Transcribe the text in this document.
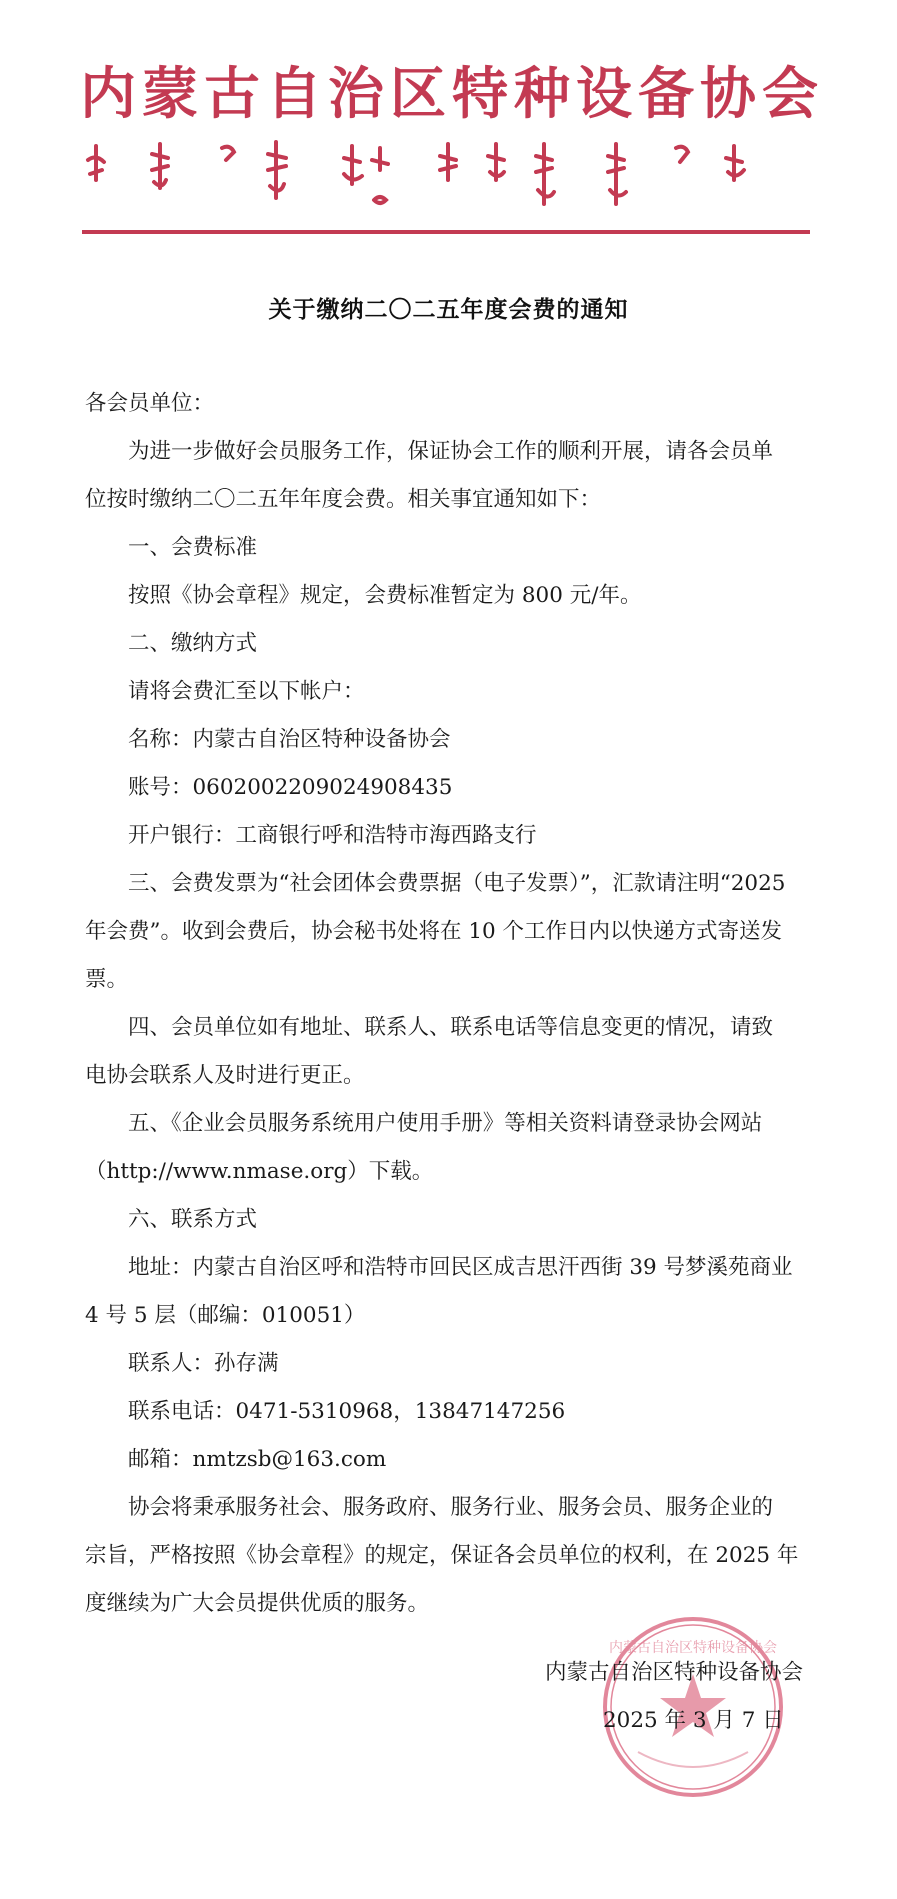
内蒙古自治区特种设备协会
关于缴纳二〇二五年度会费的通知
各会员单位：
为进一步做好会员服务工作，保证协会工作的顺利开展，请各会员单
位按时缴纳二〇二五年年度会费。相关事宜通知如下：
一、会费标准
按照《协会章程》规定，会费标准暂定为 800 元/年。
二、缴纳方式
请将会费汇至以下帐户：
名称：内蒙古自治区特种设备协会
账号：0602002209024908435
开户银行：工商银行呼和浩特市海西路支行
三、会费发票为“社会团体会费票据（电子发票）”，汇款请注明“2025
年会费”。收到会费后，协会秘书处将在 10 个工作日内以快递方式寄送发
票。
四、会员单位如有地址、联系人、联系电话等信息变更的情况，请致
电协会联系人及时进行更正。
五、《企业会员服务系统用户使用手册》等相关资料请登录协会网站
（http://www.nmase.org）下载。
六、联系方式
地址：内蒙古自治区呼和浩特市回民区成吉思汗西街 39 号梦溪苑商业
4 号 5 层（邮编：010051）
联系人：孙存满
联系电话：0471-5310968，13847147256
邮箱：nmtzsb@163.com
协会将秉承服务社会、服务政府、服务行业、服务会员、服务企业的
宗旨，严格按照《协会章程》的规定，保证各会员单位的权利，在 2025 年
度继续为广大会员提供优质的服务。
内蒙古自治区特种设备协会
内蒙古自治区特种设备协会
2025 年 3 月 7 日
